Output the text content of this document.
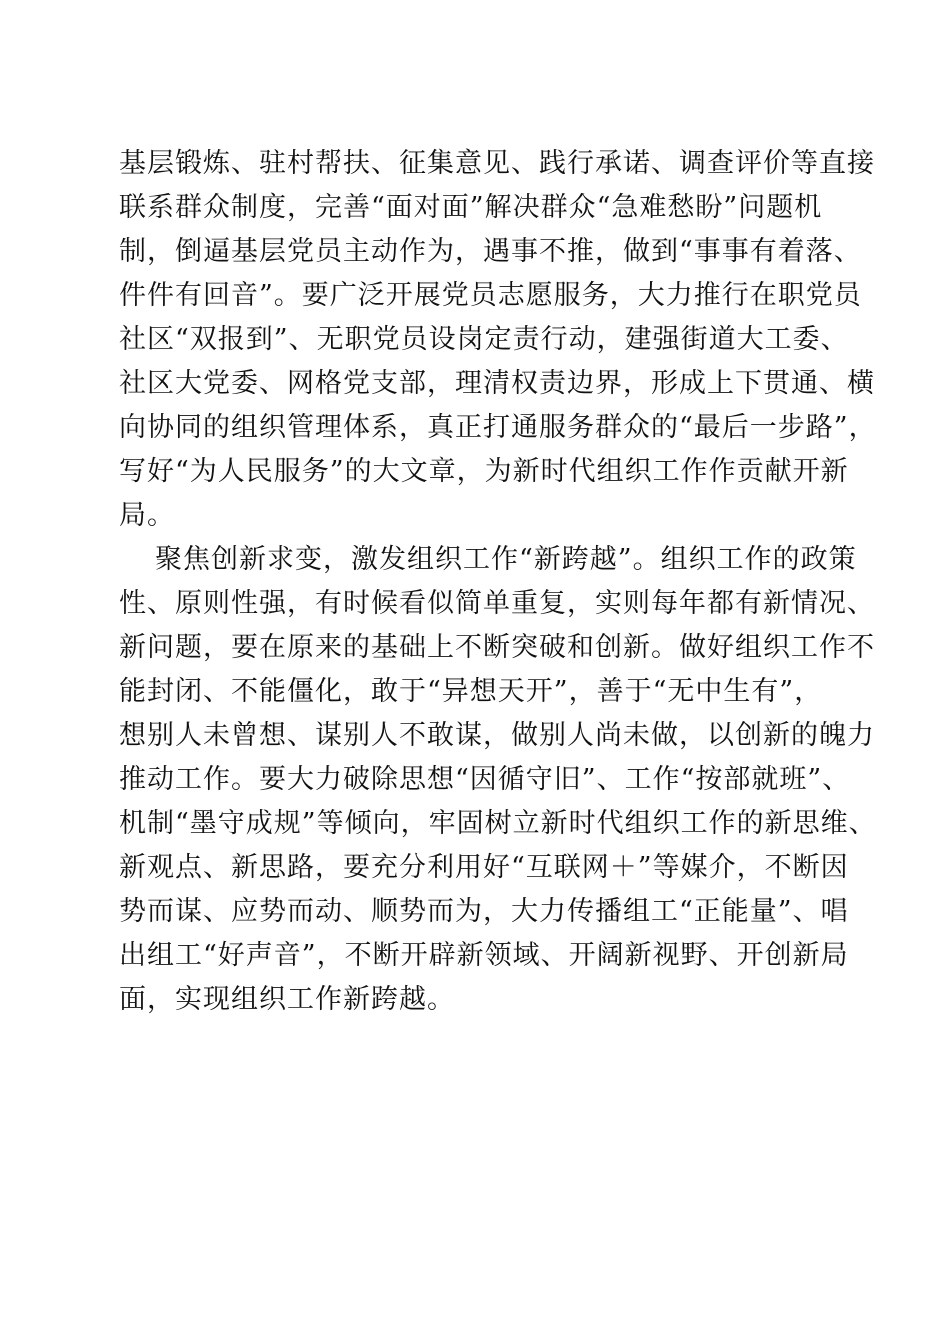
基层锻炼、驻村帮扶、征集意见、践行承诺、调查评价等直接
联系群众制度，完善“面对面”解决群众“急难愁盼”问题机
制，倒逼基层党员主动作为，遇事不推，做到“事事有着落、
件件有回音”。要广泛开展党员志愿服务，大力推行在职党员
社区“双报到”、无职党员设岗定责行动，建强街道大工委、
社区大党委、网格党支部，理清权责边界，形成上下贯通、横
向协同的组织管理体系，真正打通服务群众的“最后一步路”，
写好“为人民服务”的大文章，为新时代组织工作作贡献开新
局。
聚焦创新求变，激发组织工作“新跨越”。组织工作的政策
性、原则性强，有时候看似简单重复，实则每年都有新情况、
新问题，要在原来的基础上不断突破和创新。做好组织工作不
能封闭、不能僵化，敢于“异想天开”，善于“无中生有”，
想别人未曾想、谋别人不敢谋，做别人尚未做，以创新的魄力
推动工作。要大力破除思想“因循守旧”、工作“按部就班”、
机制“墨守成规”等倾向，牢固树立新时代组织工作的新思维、
新观点、新思路，要充分利用好“互联网＋”等媒介，不断因
势而谋、应势而动、顺势而为，大力传播组工“正能量”、唱
出组工“好声音”，不断开辟新领域、开阔新视野、开创新局
面，实现组织工作新跨越。
